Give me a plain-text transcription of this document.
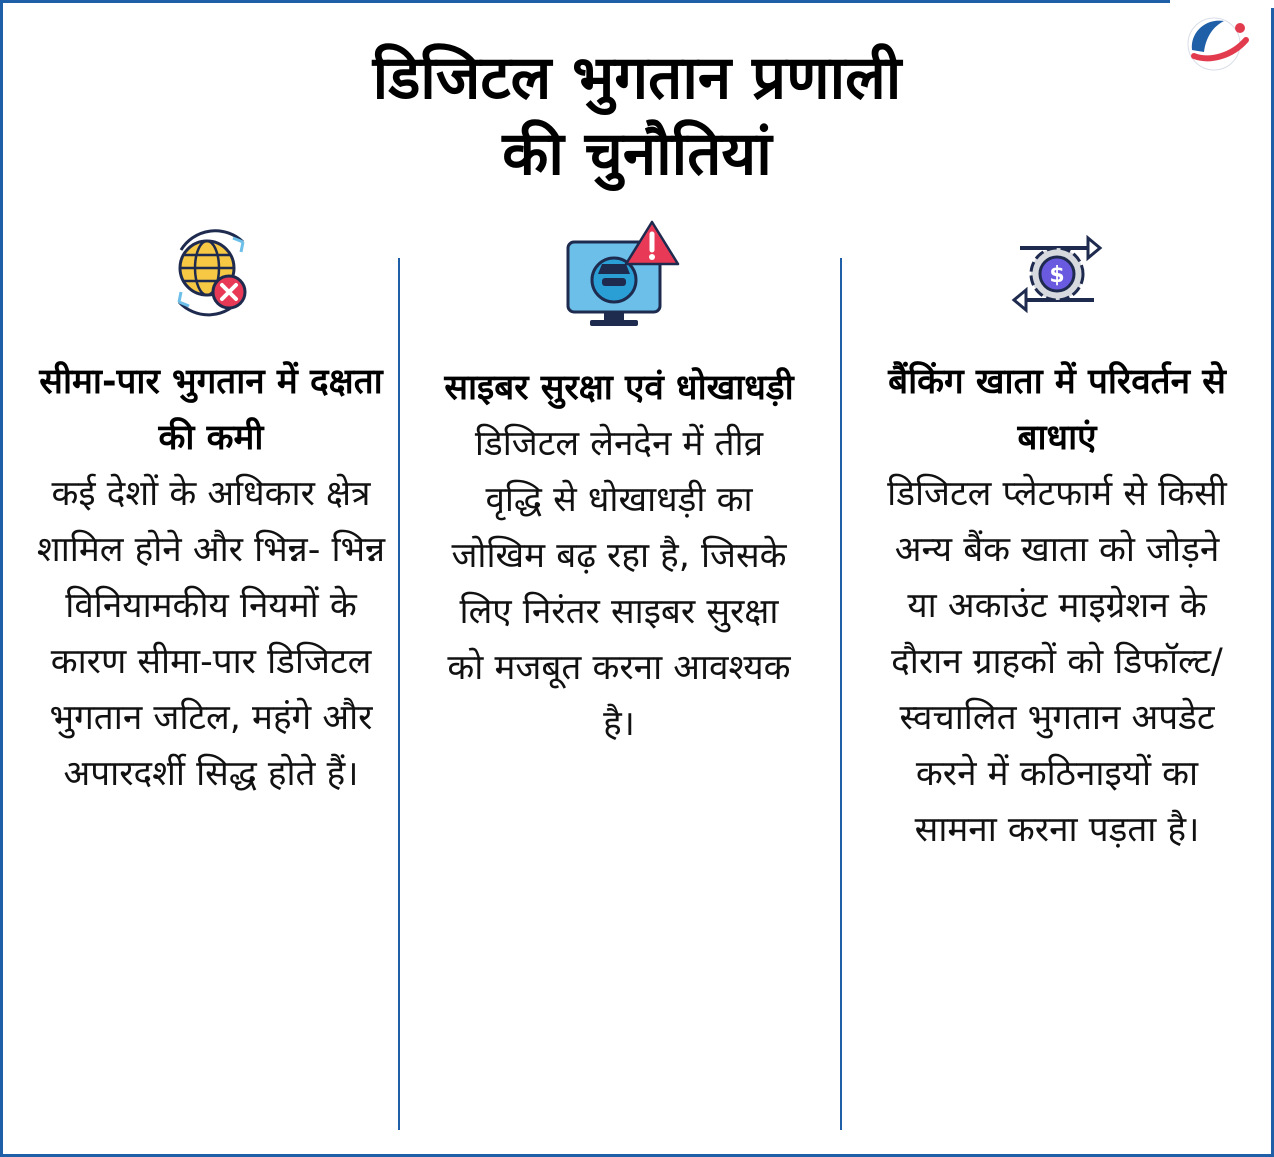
डिजिटल भुगतान प्रणाली
की चुनौतियां
सीमा-पार भुगतान में दक्षता की कमी

कई देशों के अधिकार क्षेत्र शामिल होने और भिन्न- भिन्न विनियामकीय नियमों के कारण सीमा-पार डिजिटल भुगतान जटिल, महंगे और अपारदर्शी सिद्ध होते हैं।

साइबर सुरक्षा एवं धोखाधड़ी

डिजिटल लेनदेन में तीव्र वृद्धि से धोखाधड़ी का जोखिम बढ़ रहा है, जिसके लिए निरंतर साइबर सुरक्षा को मजबूत करना आवश्यक है।

$
बैंकिंग खाता में परिवर्तन से बाधाएं

डिजिटल प्लेटफार्म से किसी अन्य बैंक खाता को जोड़ने या अकाउंट माइग्रेशन के दौरान ग्राहकों को डिफॉल्ट/स्वचालित भुगतान अपडेट करने में कठिनाइयों का सामना करना पड़ता है।
